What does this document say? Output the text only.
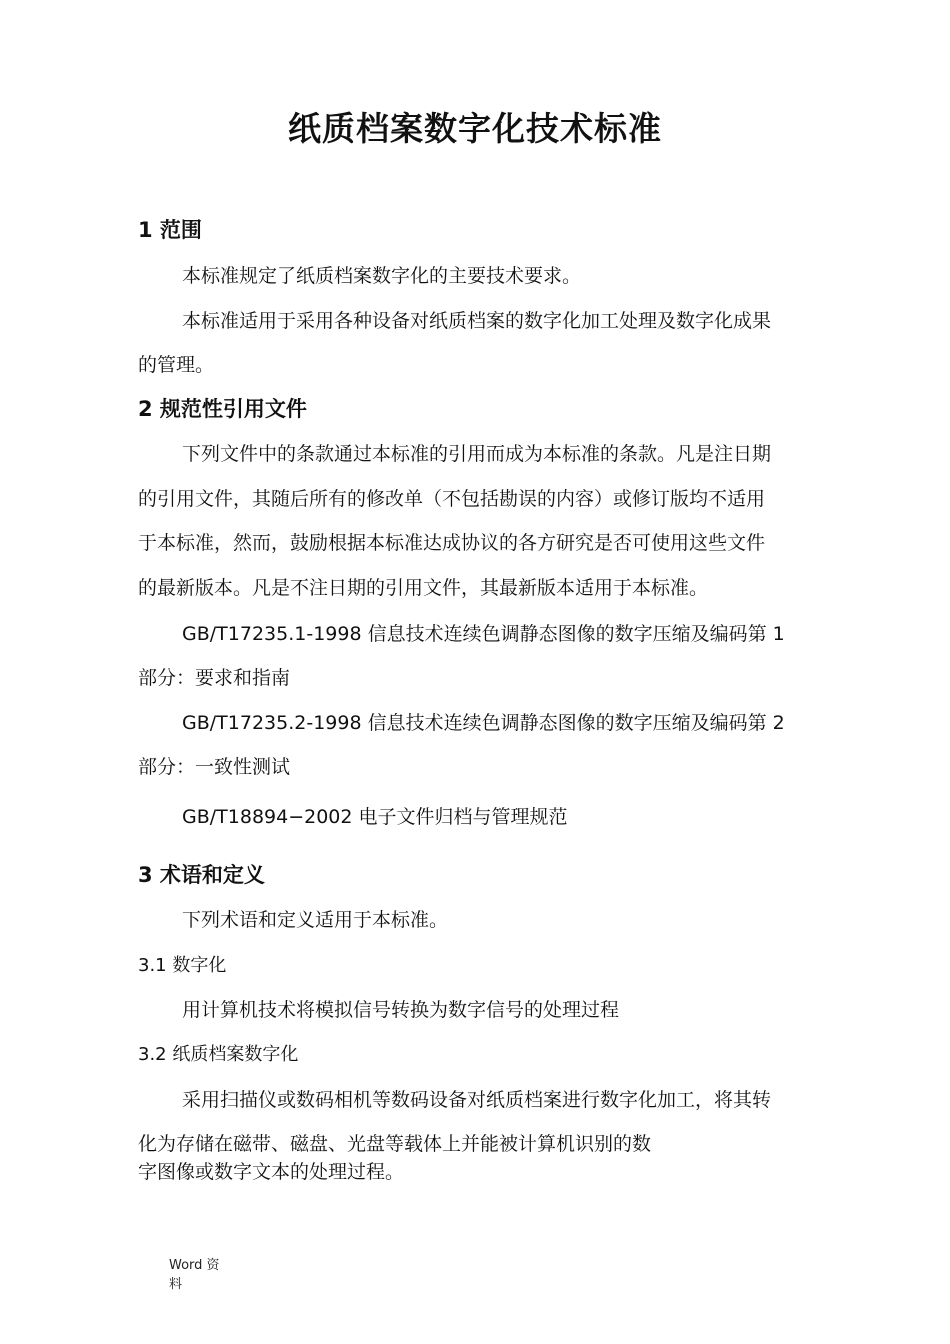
纸质档案数字化技术标准
1 范围
本标准规定了纸质档案数字化的主要技术要求。
本标准适用于采用各种设备对纸质档案的数字化加工处理及数字化成果
的管理。
2 规范性引用文件
下列文件中的条款通过本标准的引用而成为本标准的条款。凡是注日期
的引用文件，其随后所有的修改单（不包括勘误的内容）或修订版均不适用
于本标准，然而，鼓励根据本标准达成协议的各方研究是否可使用这些文件
的最新版本。凡是不注日期的引用文件，其最新版本适用于本标准。
GB/T17235.1-1998 信息技术连续色调静态图像的数字压缩及编码第 1
部分：要求和指南
GB/T17235.2-1998 信息技术连续色调静态图像的数字压缩及编码第 2
部分：一致性测试
GB/T18894−2002 电子文件归档与管理规范
3 术语和定义
下列术语和定义适用于本标准。
3.1 数字化
用计算机技术将模拟信号转换为数字信号的处理过程
3.2 纸质档案数字化
采用扫描仪或数码相机等数码设备对纸质档案进行数字化加工，将其转
化为存储在磁带、磁盘、光盘等载体上并能被计算机识别的数
字图像或数字文本的处理过程。
Word 资
料
